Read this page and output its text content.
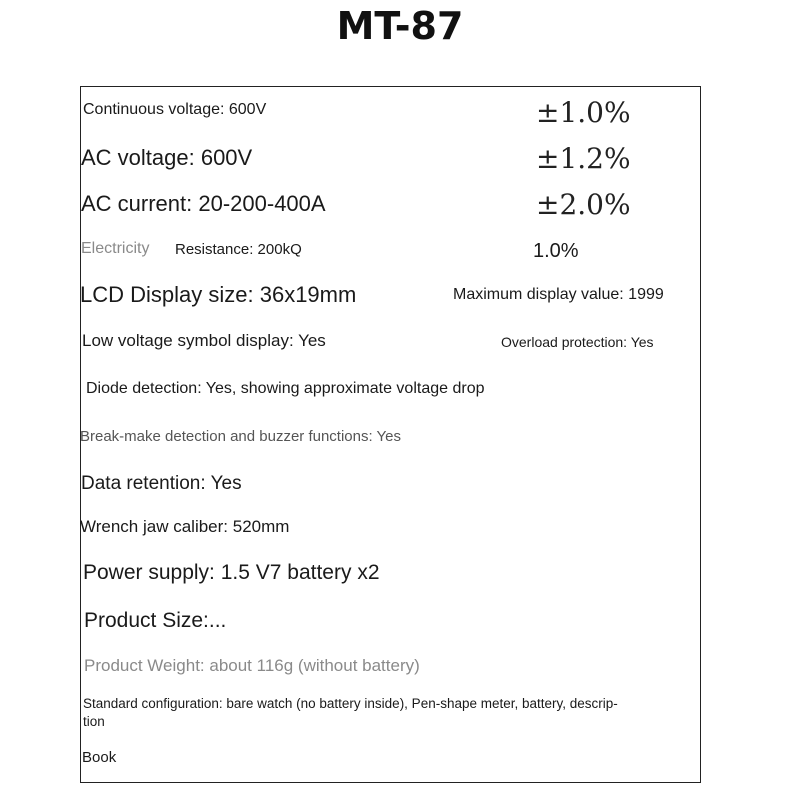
MT-87
Continuous voltage: 600V	±1.0%
AC voltage: 600V	±1.2%
AC current: 20-200-400A	±2.0%
Electricity Resistance: 200kQ	1.0%
LCD Display size: 36x19mm	Maximum display value: 1999
Low voltage symbol display: Yes	Overload protection: Yes
Diode detection: Yes, showing approximate voltage drop
Break-make detection and buzzer functions: Yes
Data retention: Yes
Wrench jaw caliber: 520mm
Power supply: 1.5 V7 battery x2
Product Size:...
Product Weight: about 116g (without battery)
Standard configuration: bare watch (no battery inside), Pen-shape meter, battery, descrip-
tion
Book
